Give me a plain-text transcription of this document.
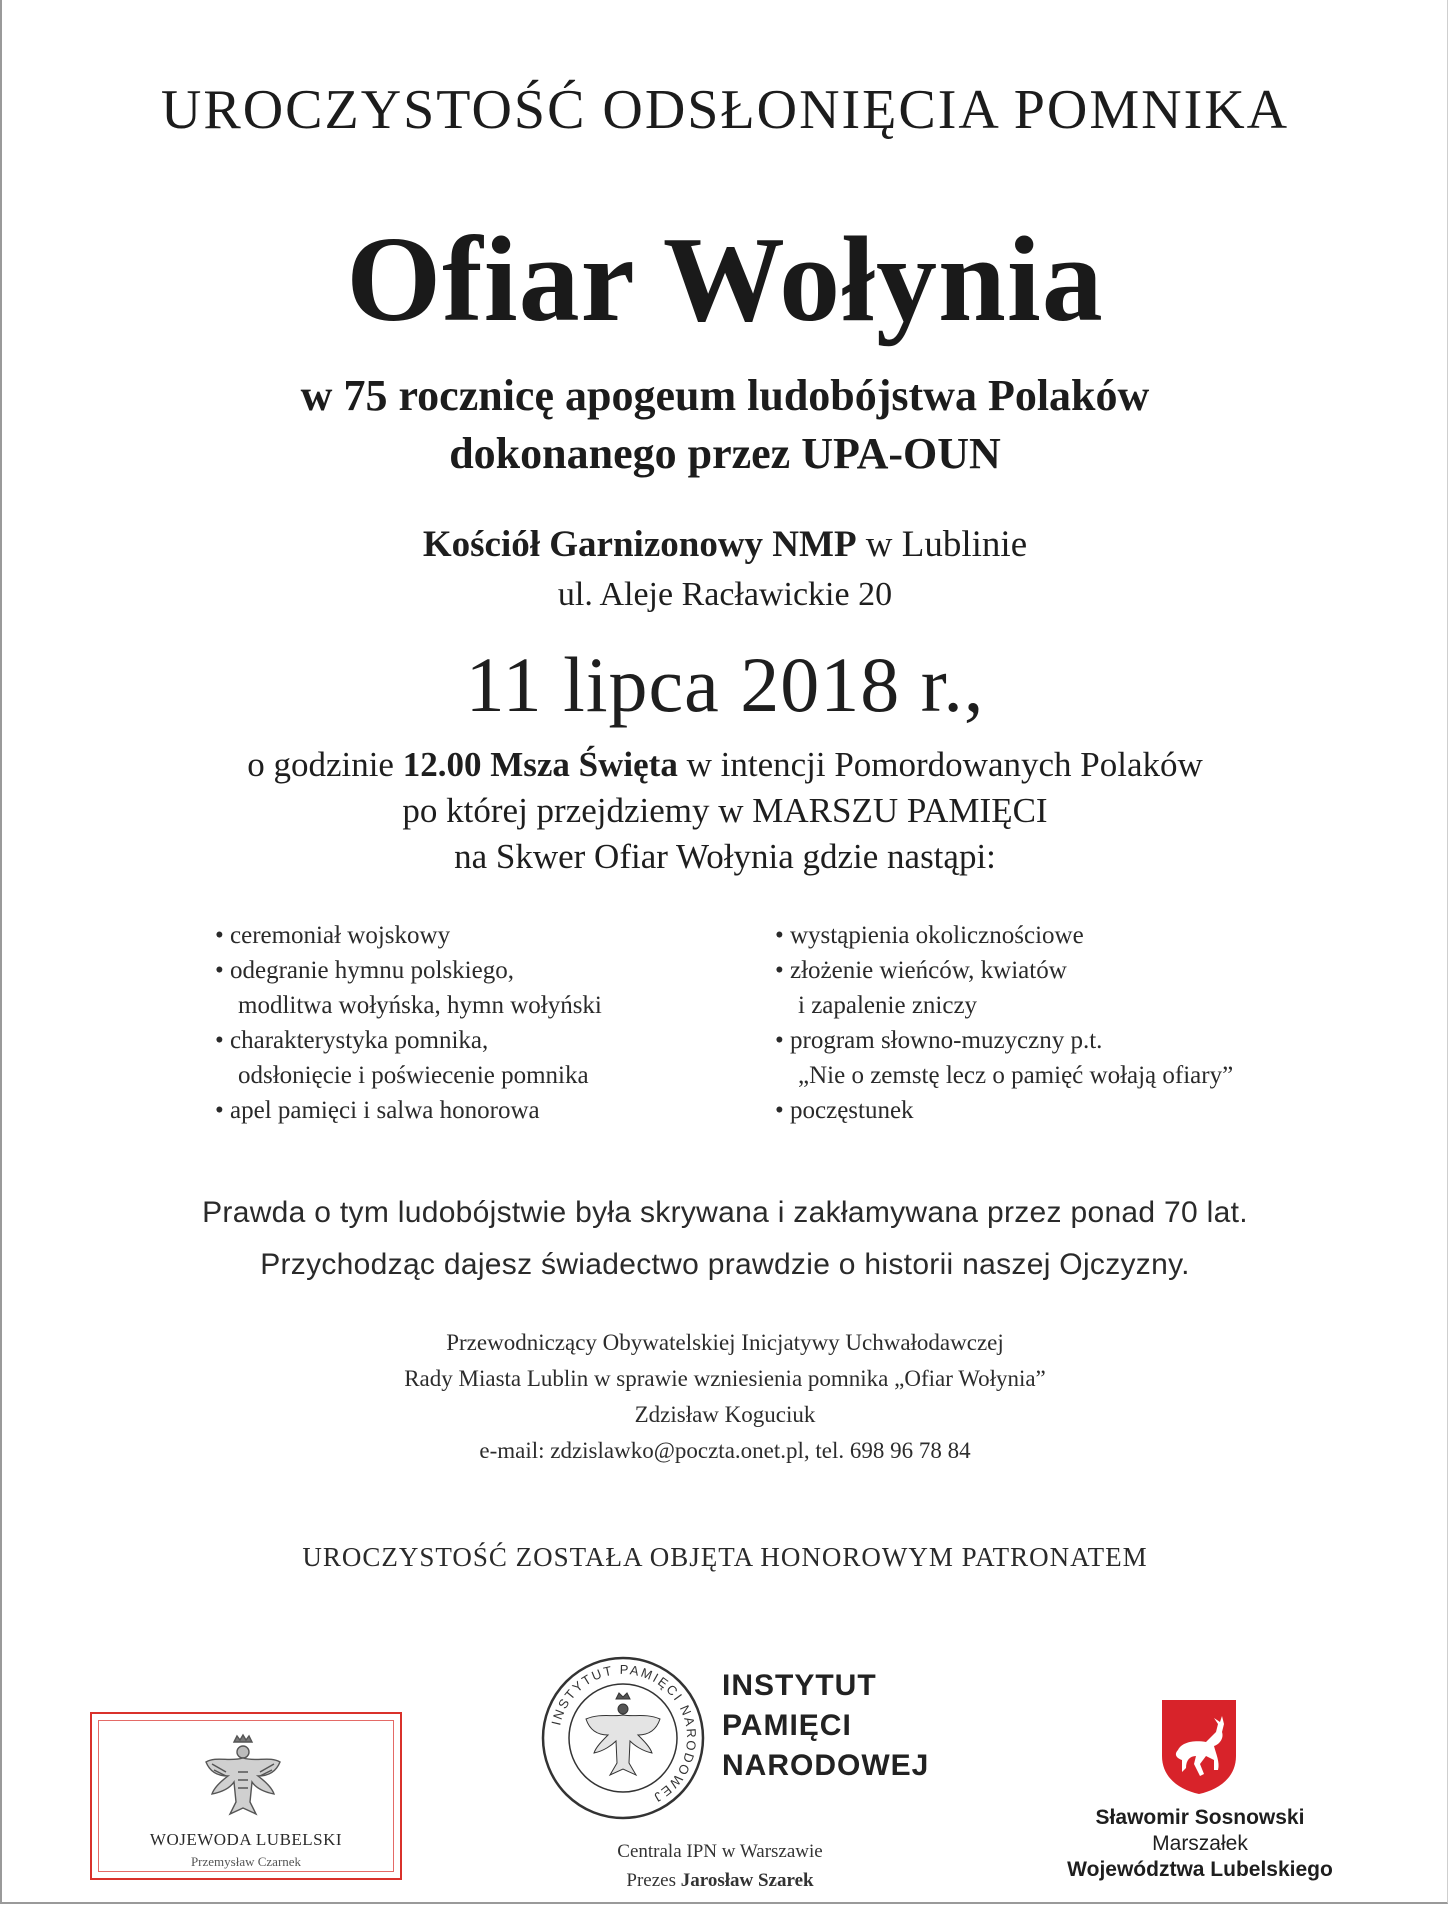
UROCZYSTOŚĆ ODSŁONIĘCIA POMNIKA
Ofiar Wołynia
w 75 rocznicę apogeum ludobójstwa Polaków
dokonanego przez UPA-OUN
Kościół Garnizonowy NMP w Lublinie
ul. Aleje Racławickie 20
11 lipca 2018 r.,
o godzinie 12.00 Msza Święta w intencji Pomordowanych Polaków
po której przejdziemy w MARSZU PAMIĘCI
na Skwer Ofiar Wołynia gdzie nastąpi:
• ceremoniał wojskowy
• odegranie hymnu polskiego,
modlitwa wołyńska, hymn wołyński
• charakterystyka pomnika,
odsłonięcie i poświecenie pomnika
• apel pamięci i salwa honorowa
• wystąpienia okolicznościowe
• złożenie wieńców, kwiatów
i zapalenie zniczy
• program słowno-muzyczny p.t.
„Nie o zemstę lecz o pamięć wołają ofiary”
• poczęstunek
Prawda o tym ludobójstwie była skrywana i zakłamywana przez ponad 70 lat.
Przychodząc dajesz świadectwo prawdzie o historii naszej Ojczyzny.
Przewodniczący Obywatelskiej Inicjatywy Uchwałodawczej
Rady Miasta Lublin w sprawie wzniesienia pomnika „Ofiar Wołynia”
Zdzisław Koguciuk
e-mail: zdzislawko@poczta.onet.pl, tel. 698 96 78 84
UROCZYSTOŚĆ ZOSTAŁA OBJĘTA HONOROWYM PATRONATEM
WOJEWODA LUBELSKI
Przemysław Czarnek
INSTYTUT PAMIĘCI NARODOWEJ
INSTYTUT
PAMIĘCI
NARODOWEJ
Centrala IPN w Warszawie
Prezes Jarosław Szarek
Sławomir Sosnowski
Marszałek
Województwa Lubelskiego
